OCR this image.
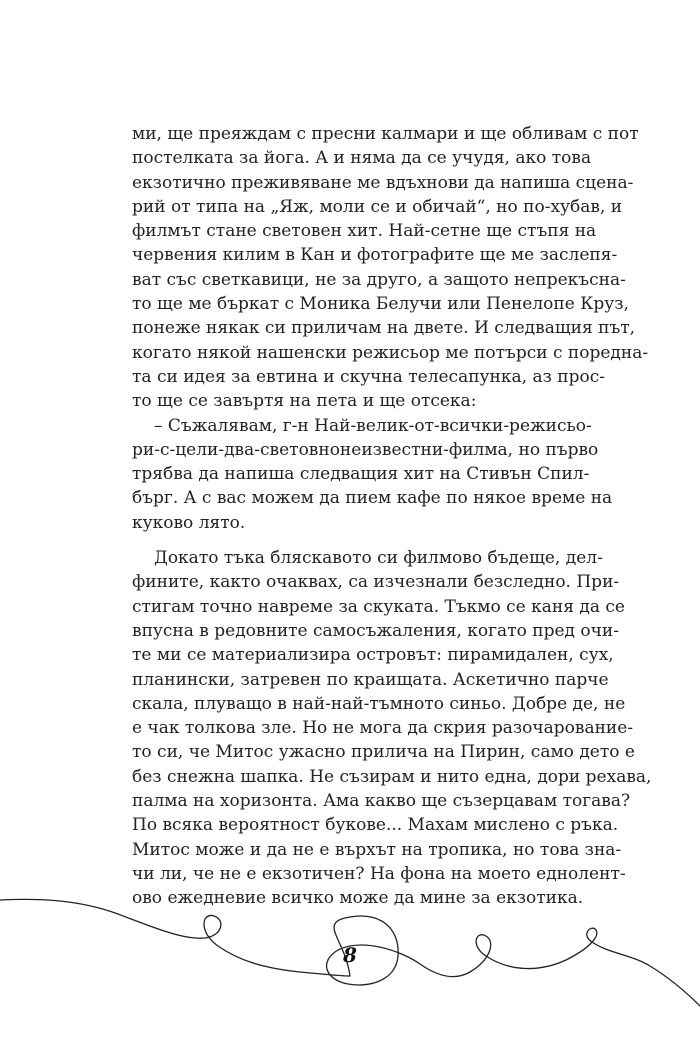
ми, ще преяждам с пресни калмари и ще обливам с пот
постелката за йога. А и няма да се учудя, ако това
екзотично преживяване ме вдъхнови да напиша сцена-
рий от типа на „Яж, моли се и обичай“, но по-хубав, и
филмът стане световен хит. Най-сетне ще стъпя на
червения килим в Кан и фотографите ще ме заслепя-
ват със светкавици, не за друго, а защото непрекъсна-
то ще ме бъркат с Моника Белучи или Пенелопе Круз,
понеже някак си приличам на двете. И следващия път,
когато някой нашенски режисьор ме потърси с поредна-
та си идея за евтина и скучна телесапунка, аз прос-
то ще се завъртя на пета и ще отсека:
– Съжалявам, г-н Най-велик-от-всички-режисьо-
ри-с-цели-два-световнонеизвестни-филма, но първо
трябва да напиша следващия хит на Стивън Спил-
бърг. А с вас можем да пием кафе по някое време на
куково лято.
Докато тъка бляскавото си филмово бъдеще, дел-
фините, както очаквах, са изчезнали безследно. При-
стигам точно навреме за скуката. Тъкмо се каня да се
впусна в редовните самосъжаления, когато пред очи-
те ми се материализира островът: пирамидален, сух,
планински, затревен по краищата. Аскетично парче
скала, плуващо в най-най-тъмното синьо. Добре де, не
е чак толкова зле. Но не мога да скрия разочарование-
то си, че Митос ужасно прилича на Пирин, само дето е
без снежна шапка. Не съзирам и нито една, дори рехава,
палма на хоризонта. Ама какво ще съзерцавам тогава?
По всяка вероятност букове... Махам мислено с ръка.
Митос може и да не е върхът на тропика, но това зна-
чи ли, че не е екзотичен? На фона на моето еднолент-
ово ежедневие всичко може да мине за екзотика.
8
